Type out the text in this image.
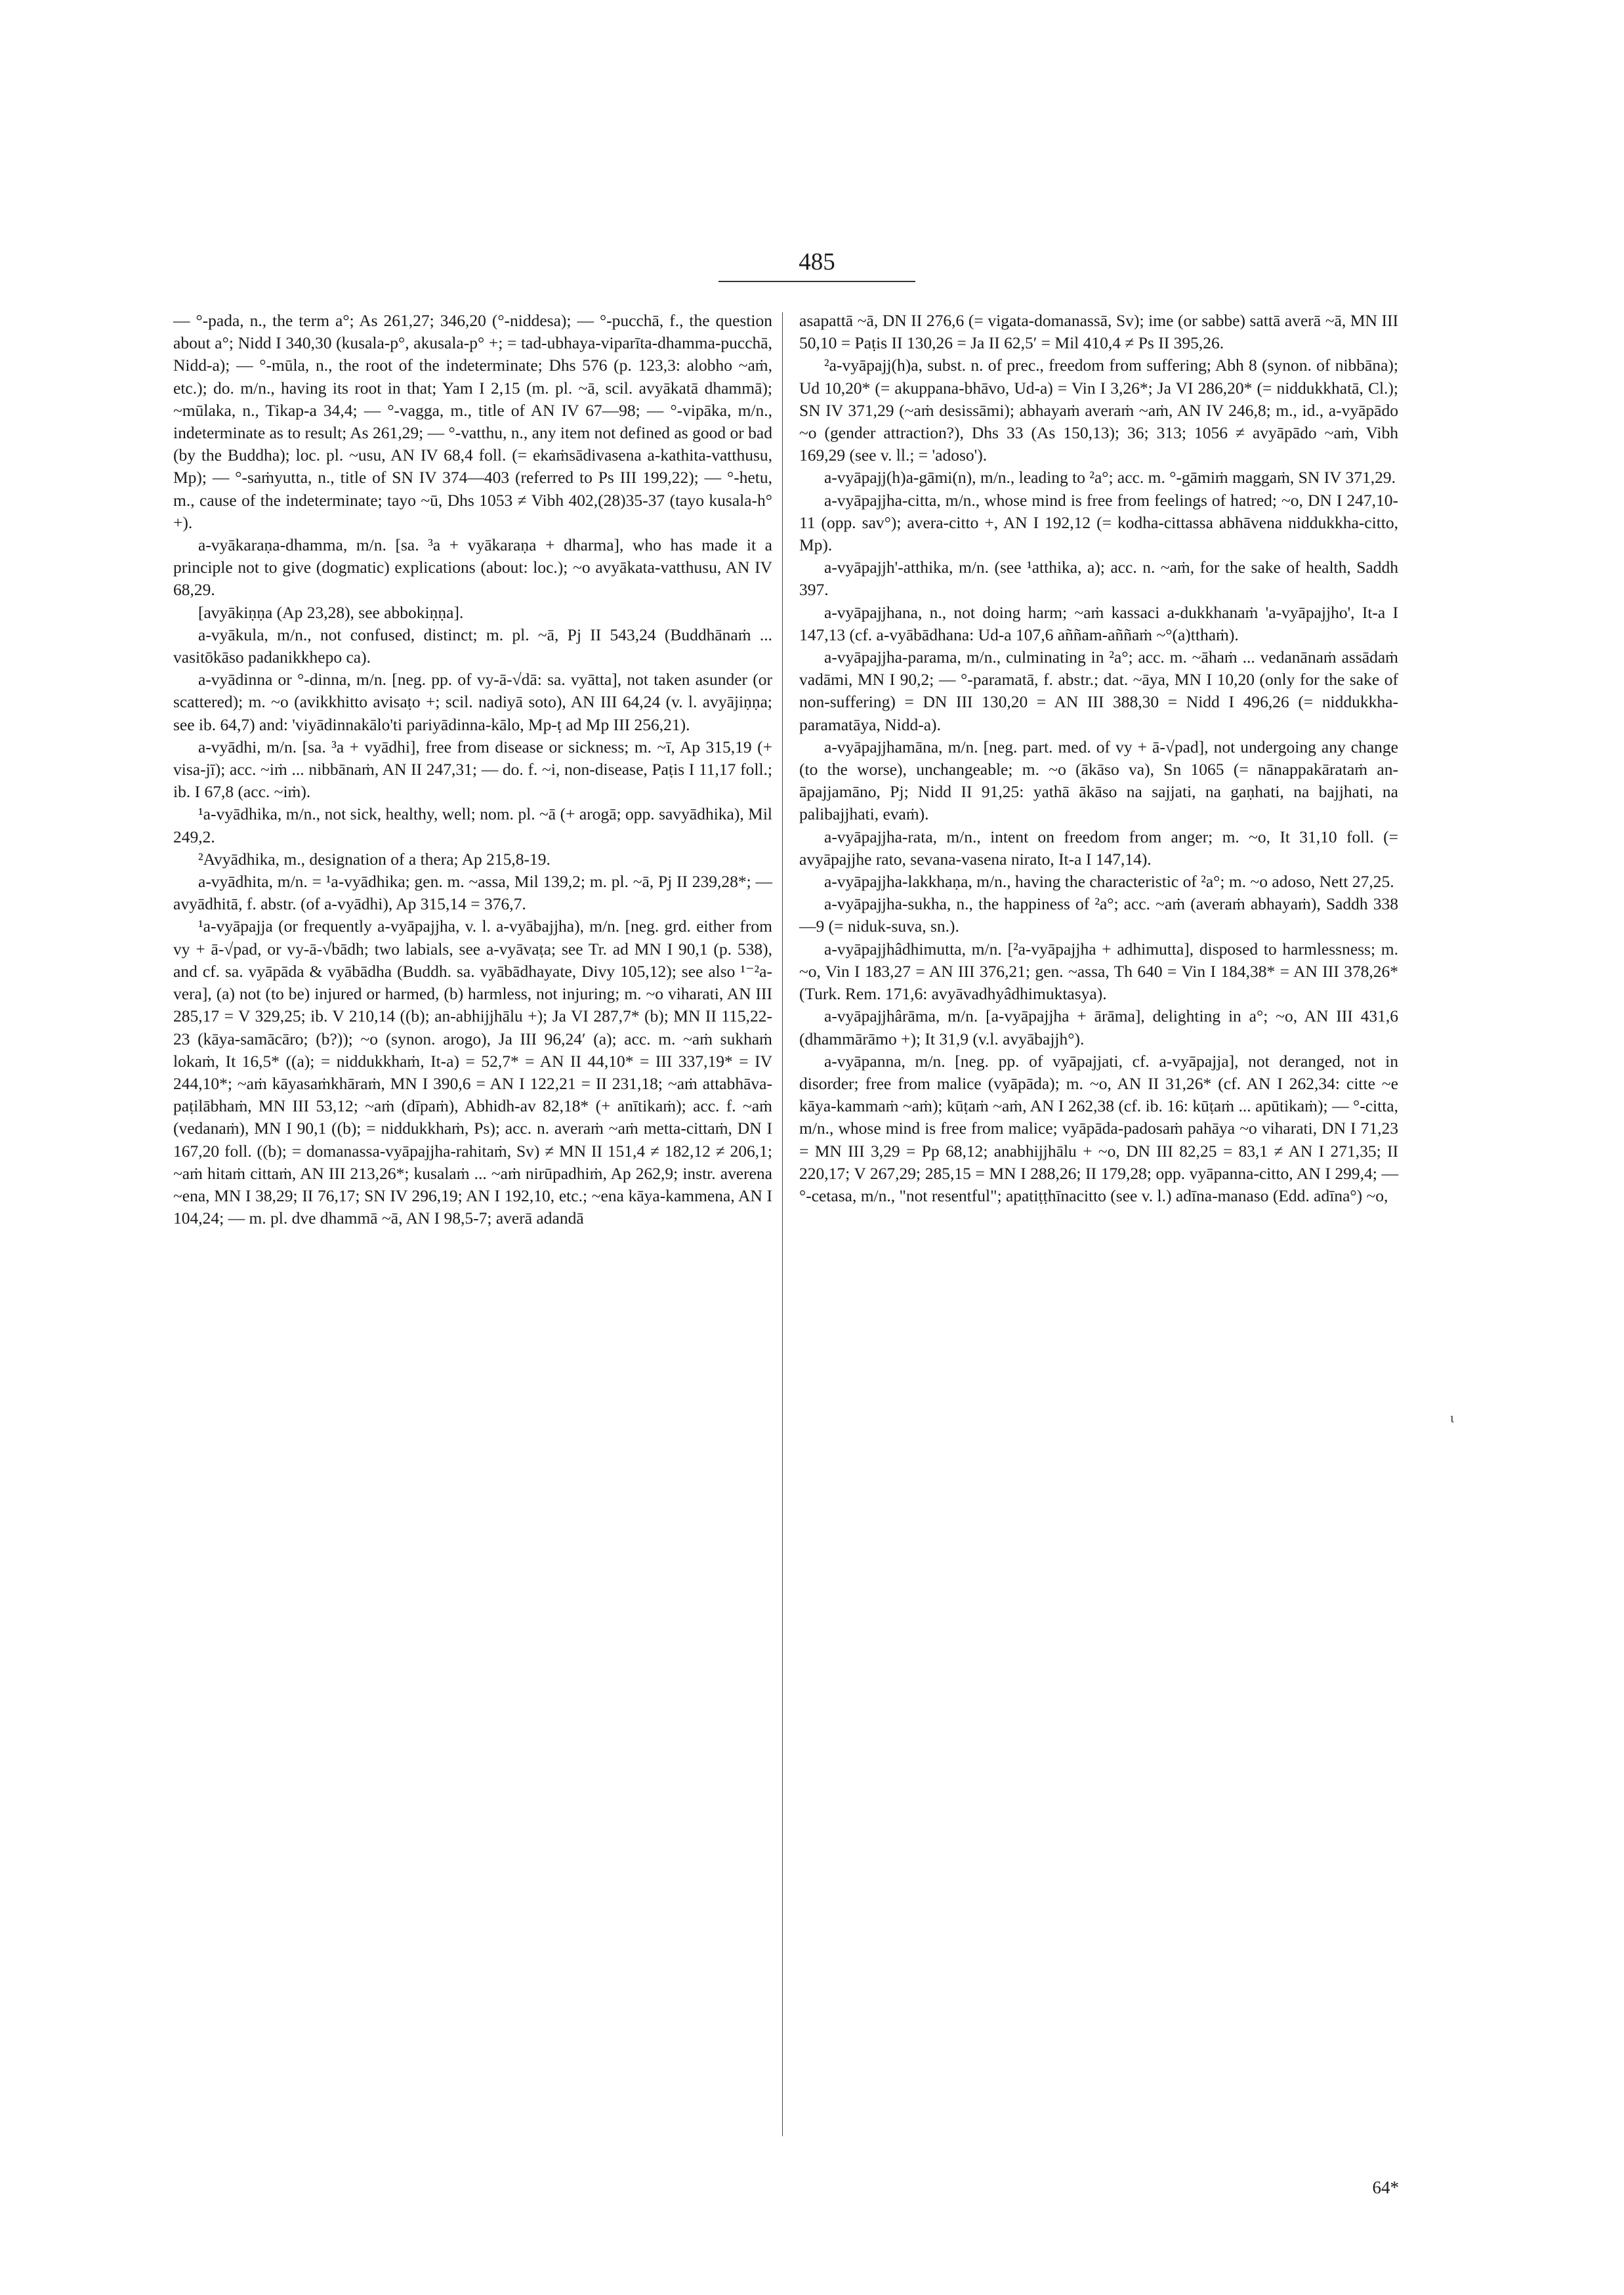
485

— °-pada, n., the term a°; As 261,27; 346,20 (°-niddesa); — °-pucchā, f., the question about a°; Nidd I 340,30 (kusala-p°, akusala-p° +; = tad-ubhaya-viparīta-dhamma-pucchā, Nidd-a); — °-mūla, n., the root of the indeterminate; Dhs 576 (p. 123,3: alobho ~aṁ, etc.); do. m/n., having its root in that; Yam I 2,15 (m. pl. ~ā, scil. avyākatā dhammā); ~mūlaka, n., Tikap-a 34,4; — °-vagga, m., title of AN IV 67—98; — °-vipāka, m/n., indeterminate as to result; As 261,29; — °-vatthu, n., any item not defined as good or bad (by the Buddha); loc. pl. ~usu, AN IV 68,4 foll. (= ekaṁsādivasena a-kathita-vatthusu, Mp); — °-saṁyutta, n., title of SN IV 374—403 (referred to Ps III 199,22); — °-hetu, m., cause of the indeterminate; tayo ~ū, Dhs 1053 ≠ Vibh 402,(28)35-37 (tayo kusala-h° +).

a-vyākaraṇa-dhamma, m/n. [sa. ³a + vyākaraṇa + dharma], who has made it a principle not to give (dogmatic) explications (about: loc.); ~o avyākata-vatthusu, AN IV 68,29.

[avyākiṇṇa (Ap 23,28), see abbokiṇṇa].

a-vyākula, m/n., not confused, distinct; m. pl. ~ā, Pj II 543,24 (Buddhānaṁ ... vasitōkāso padanikkhepo ca).

a-vyādinna or °-dinna, m/n. [neg. pp. of vy-ā-√dā: sa. vyātta], not taken asunder (or scattered); m. ~o (avikkhitto avisaṭo +; scil. nadiyā soto), AN III 64,24 (v. l. avyājiṇṇa; see ib. 64,7) and: 'viyādinnakālo'ti pariyādinna-kālo, Mp-ṭ ad Mp III 256,21).

a-vyādhi, m/n. [sa. ³a + vyādhi], free from disease or sickness; m. ~ī, Ap 315,19 (+ visa-jī); acc. ~iṁ ... nibbānaṁ, AN II 247,31; — do. f. ~i, non-disease, Paṭis I 11,17 foll.; ib. I 67,8 (acc. ~iṁ).

¹a-vyādhika, m/n., not sick, healthy, well; nom. pl. ~ā (+ arogā; opp. savyādhika), Mil 249,2.

²Avyādhika, m., designation of a thera; Ap 215,8-19.

a-vyādhita, m/n. = ¹a-vyādhika; gen. m. ~assa, Mil 139,2; m. pl. ~ā, Pj II 239,28*; — avyādhitā, f. abstr. (of a-vyādhi), Ap 315,14 = 376,7.

¹a-vyāpajja (or frequently a-vyāpajjha, v. l. a-vyābajjha), m/n. [neg. grd. either from vy + ā-√pad, or vy-ā-√bādh; two labials, see a-vyāvaṭa; see Tr. ad MN I 90,1 (p. 538), and cf. sa. vyāpāda & vyābādha (Buddh. sa. vyābādhayate, Divy 105,12); see also ¹⁻²a-vera], (a) not (to be) injured or harmed, (b) harmless, not injuring; m. ~o viharati, AN III 285,17 = V 329,25; ib. V 210,14 ((b); an-abhijjhālu +); Ja VI 287,7* (b); MN II 115,22-23 (kāya-samācāro; (b?)); ~o (synon. arogo), Ja III 96,24′ (a); acc. m. ~aṁ sukhaṁ lokaṁ, It 16,5* ((a); = niddukkhaṁ, It-a) = 52,7* = AN II 44,10* = III 337,19* = IV 244,10*; ~aṁ kāyasaṁkhāraṁ, MN I 390,6 = AN I 122,21 = II 231,18; ~aṁ attabhāva-paṭilābhaṁ, MN III 53,12; ~aṁ (dīpaṁ), Abhidh-av 82,18* (+ anītikaṁ); acc. f. ~aṁ (vedanaṁ), MN I 90,1 ((b); = niddukkhaṁ, Ps); acc. n. averaṁ ~aṁ metta-cittaṁ, DN I 167,20 foll. ((b); = domanassa-vyāpajjha-rahitaṁ, Sv) ≠ MN II 151,4 ≠ 182,12 ≠ 206,1; ~aṁ hitaṁ cittaṁ, AN III 213,26*; kusalaṁ ... ~aṁ nirūpadhiṁ, Ap 262,9; instr. averena ~ena, MN I 38,29; II 76,17; SN IV 296,19; AN I 192,10, etc.; ~ena kāya-kammena, AN I 104,24; — m. pl. dve dhammā ~ā, AN I 98,5-7; averā adandā

asapattā ~ā, DN II 276,6 (= vigata-domanassā, Sv); ime (or sabbe) sattā averā ~ā, MN III 50,10 = Paṭis II 130,26 = Ja II 62,5′ = Mil 410,4 ≠ Ps II 395,26.

²a-vyāpajj(h)a, subst. n. of prec., freedom from suffering; Abh 8 (synon. of nibbāna); Ud 10,20* (= akuppana-bhāvo, Ud-a) = Vin I 3,26*; Ja VI 286,20* (= niddukkhatā, Cl.); SN IV 371,29 (~aṁ desissāmi); abhayaṁ averaṁ ~aṁ, AN IV 246,8; m., id., a-vyāpādo ~o (gender attraction?), Dhs 33 (As 150,13); 36; 313; 1056 ≠ avyāpādo ~aṁ, Vibh 169,29 (see v. ll.; = 'adoso').

a-vyāpajj(h)a-gāmi(n), m/n., leading to ²a°; acc. m. °-gāmiṁ maggaṁ, SN IV 371,29.

a-vyāpajjha-citta, m/n., whose mind is free from feelings of hatred; ~o, DN I 247,10-11 (opp. sav°); avera-citto +, AN I 192,12 (= kodha-cittassa abhāvena niddukkha-citto, Mp).

a-vyāpajjh'-atthika, m/n. (see ¹atthika, a); acc. n. ~aṁ, for the sake of health, Saddh 397.

a-vyāpajjhana, n., not doing harm; ~aṁ kassaci a-dukkhanaṁ 'a-vyāpajjho', It-a I 147,13 (cf. a-vyābādhana: Ud-a 107,6 aññam-aññaṁ ~°(a)tthaṁ).

a-vyāpajjha-parama, m/n., culminating in ²a°; acc. m. ~āhaṁ ... vedanānaṁ assādaṁ vadāmi, MN I 90,2; — °-paramatā, f. abstr.; dat. ~āya, MN I 10,20 (only for the sake of non-suffering) = DN III 130,20 = AN III 388,30 = Nidd I 496,26 (= niddukkha-paramatāya, Nidd-a).

a-vyāpajjhamāna, m/n. [neg. part. med. of vy + ā-√pad], not undergoing any change (to the worse), unchangeable; m. ~o (ākāso va), Sn 1065 (= nānappakārataṁ an-āpajjamāno, Pj; Nidd II 91,25: yathā ākāso na sajjati, na gaṇhati, na bajjhati, na palibajjhati, evaṁ).

a-vyāpajjha-rata, m/n., intent on freedom from anger; m. ~o, It 31,10 foll. (= avyāpajjhe rato, sevana-vasena nirato, It-a I 147,14).

a-vyāpajjha-lakkhaṇa, m/n., having the characteristic of ²a°; m. ~o adoso, Nett 27,25.

a-vyāpajjha-sukha, n., the happiness of ²a°; acc. ~aṁ (averaṁ abhayaṁ), Saddh 338—9 (= niduk-suva, sn.).

a-vyāpajjhâdhimutta, m/n. [²a-vyāpajjha + adhimutta], disposed to harmlessness; m. ~o, Vin I 183,27 = AN III 376,21; gen. ~assa, Th 640 = Vin I 184,38* = AN III 378,26* (Turk. Rem. 171,6: avyāvadhyâdhimuktasya).

a-vyāpajjhârāma, m/n. [a-vyāpajjha + ārāma], delighting in a°; ~o, AN III 431,6 (dhammārāmo +); It 31,9 (v.l. avyābajjh°).

a-vyāpanna, m/n. [neg. pp. of vyāpajjati, cf. a-vyāpajja], not deranged, not in disorder; free from malice (vyāpāda); m. ~o, AN II 31,26* (cf. AN I 262,34: citte ~e kāya-kammaṁ ~aṁ); kūṭaṁ ~aṁ, AN I 262,38 (cf. ib. 16: kūṭaṁ ... apūtikaṁ); — °-citta, m/n., whose mind is free from malice; vyāpāda-padosaṁ pahāya ~o viharati, DN I 71,23 = MN III 3,29 = Pp 68,12; anabhijjhālu + ~o, DN III 82,25 = 83,1 ≠ AN I 271,35; II 220,17; V 267,29; 285,15 = MN I 288,26; II 179,28; opp. vyāpanna-citto, AN I 299,4; — °-cetasa, m/n., "not resentful"; apatiṭṭhīnacitto (see v. l.) adīna-manaso (Edd. adīna°) ~o,

ι

64*
